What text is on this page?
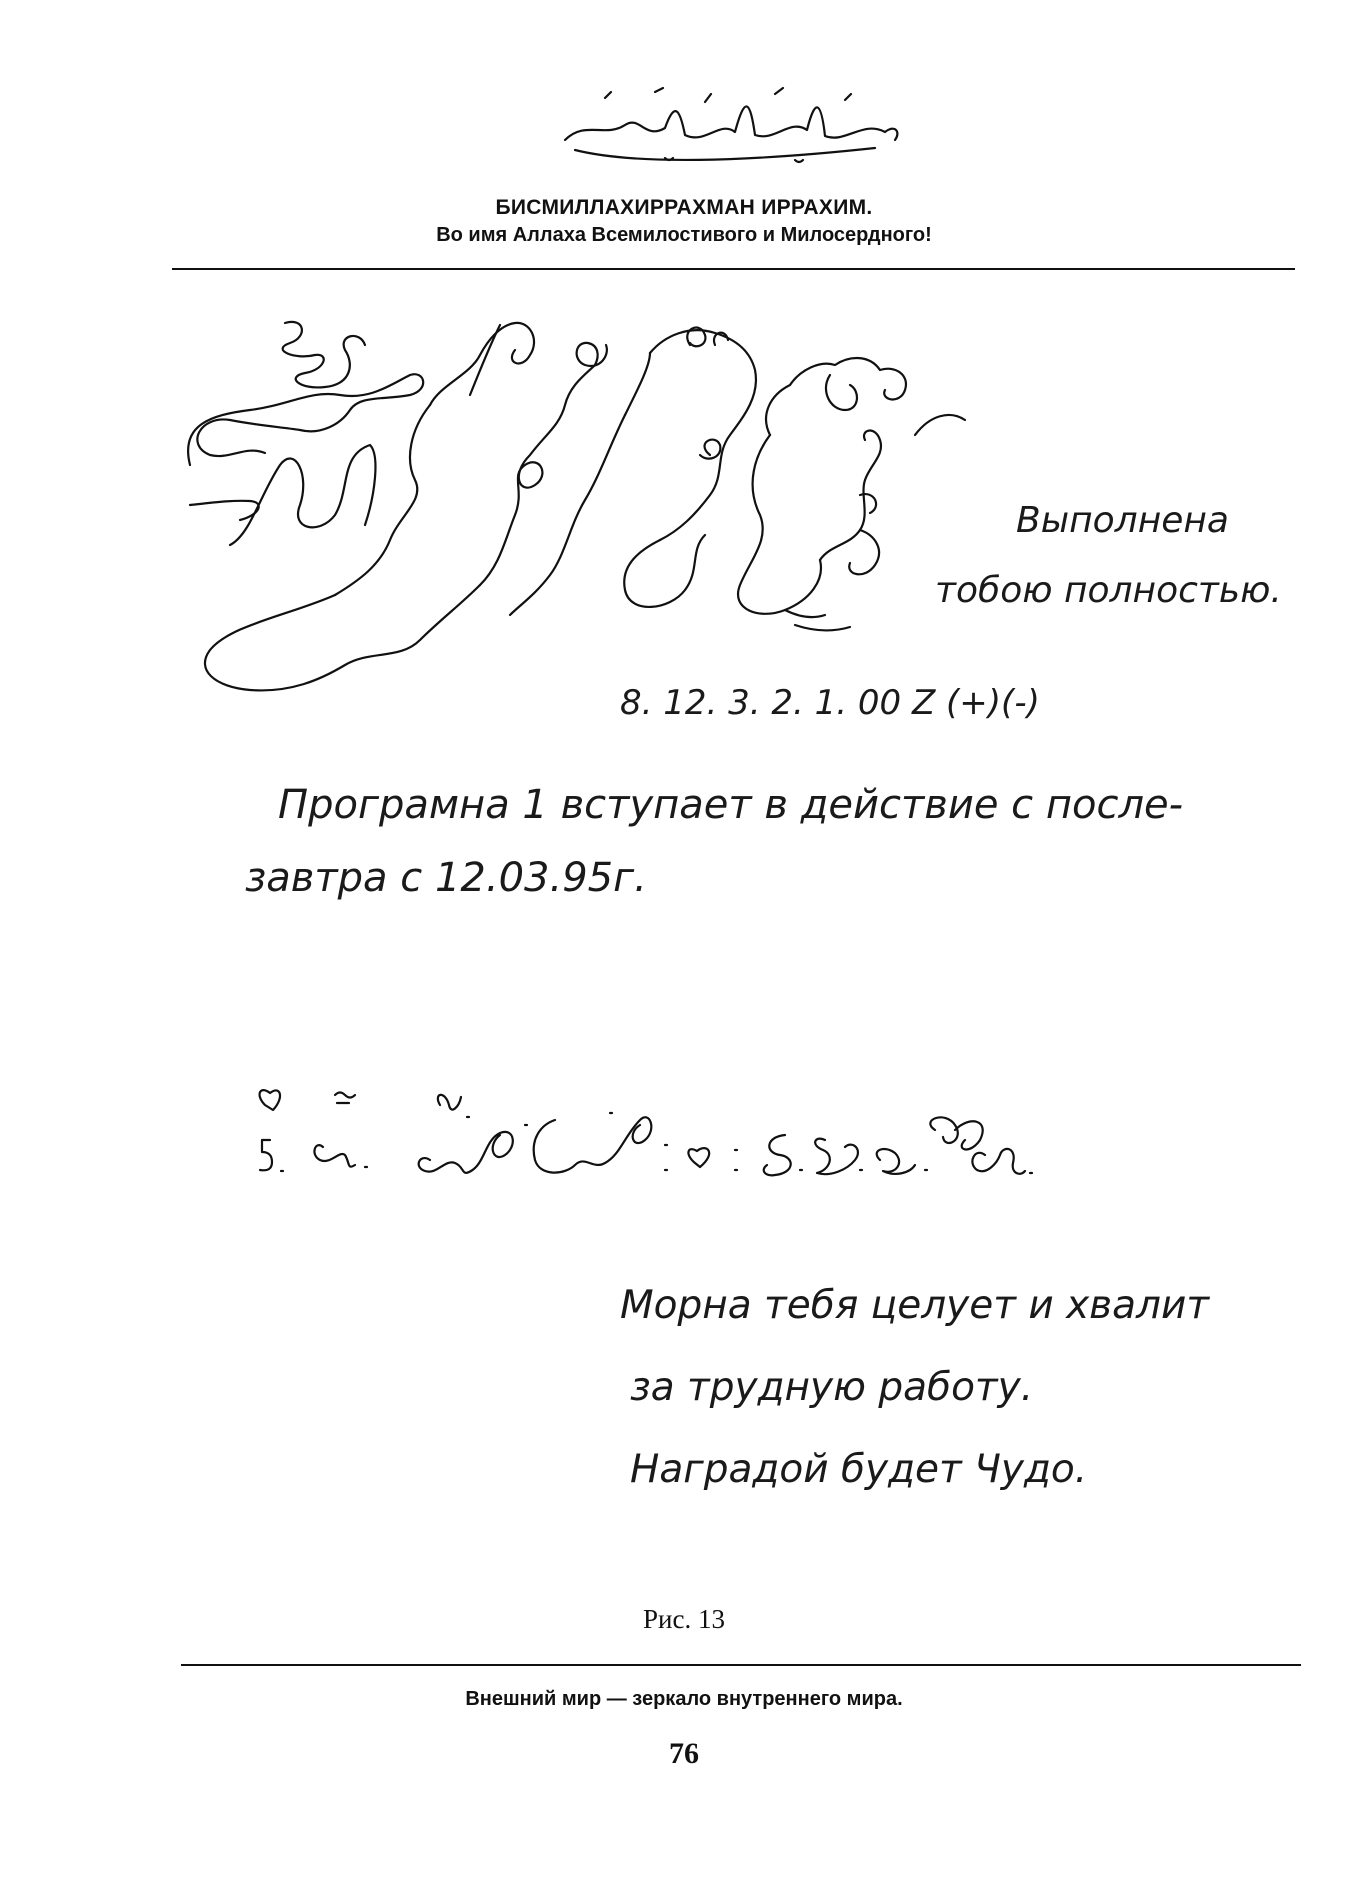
БИСМИЛЛАХИРРАХМАН ИРРАХИМ.
Во имя Аллаха Всемилостивого и Милосердного!
Выполнена
тобою полностью.
8. 12. 3. 2. 1. 00 Z (+)(-)
Програмна 1 вступает в действие с после-
завтра с 12.03.95г.
Морна тебя целует и хвалит
за трудную работу.
Наградой будет Чудо.
Рис. 13
Внешний мир — зеркало внутреннего мира.
76
